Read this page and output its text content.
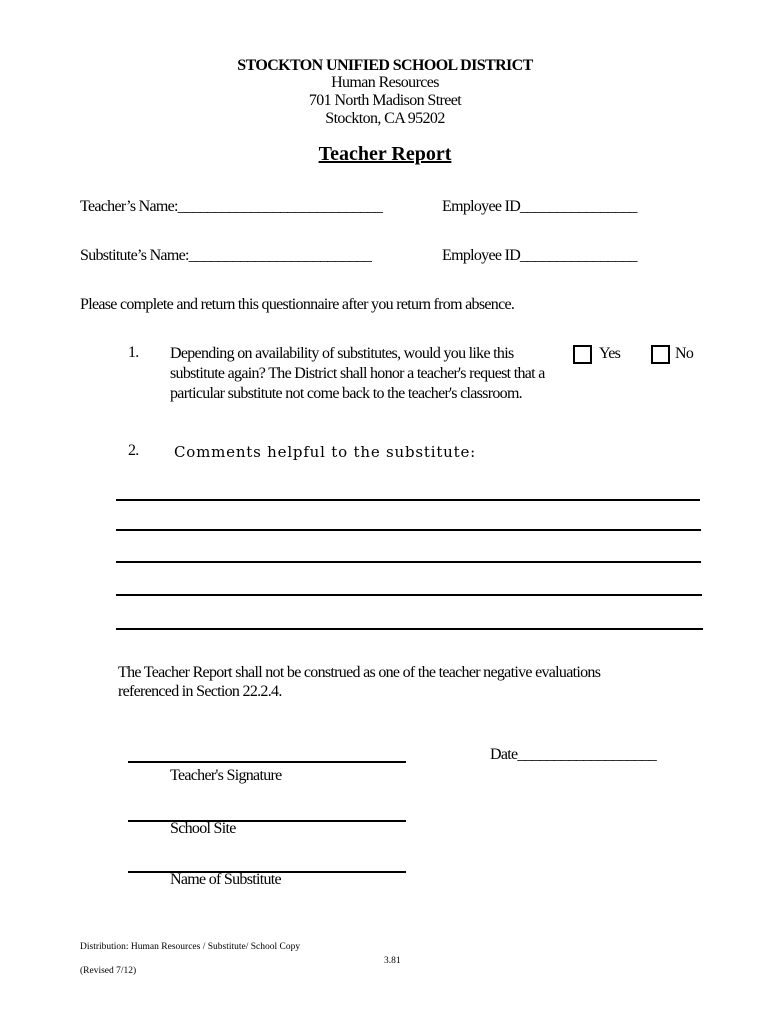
STOCKTON UNIFIED SCHOOL DISTRICT
Human Resources
701 North Madison Street
Stockton, CA 95202
Teacher Report
Teacher’s Name:____________________________	Employee ID________________
Substitute’s Name:_________________________	Employee ID________________
Please complete and return this questionnaire after you return from absence.
1. Depending on availability of substitutes, would you like this substitute again? The District shall honor a teacher's request that a particular substitute not come back to the teacher's classroom.
Yes	No
2. Comments helpful to the substitute:
The Teacher Report shall not be construed as one of the teacher negative evaluations
referenced in Section 22.2.4.
Teacher's Signature
Date___________________
School Site
Name of Substitute
Distribution: Human Resources / Substitute/ School Copy
3.81
(Revised 7/12)
